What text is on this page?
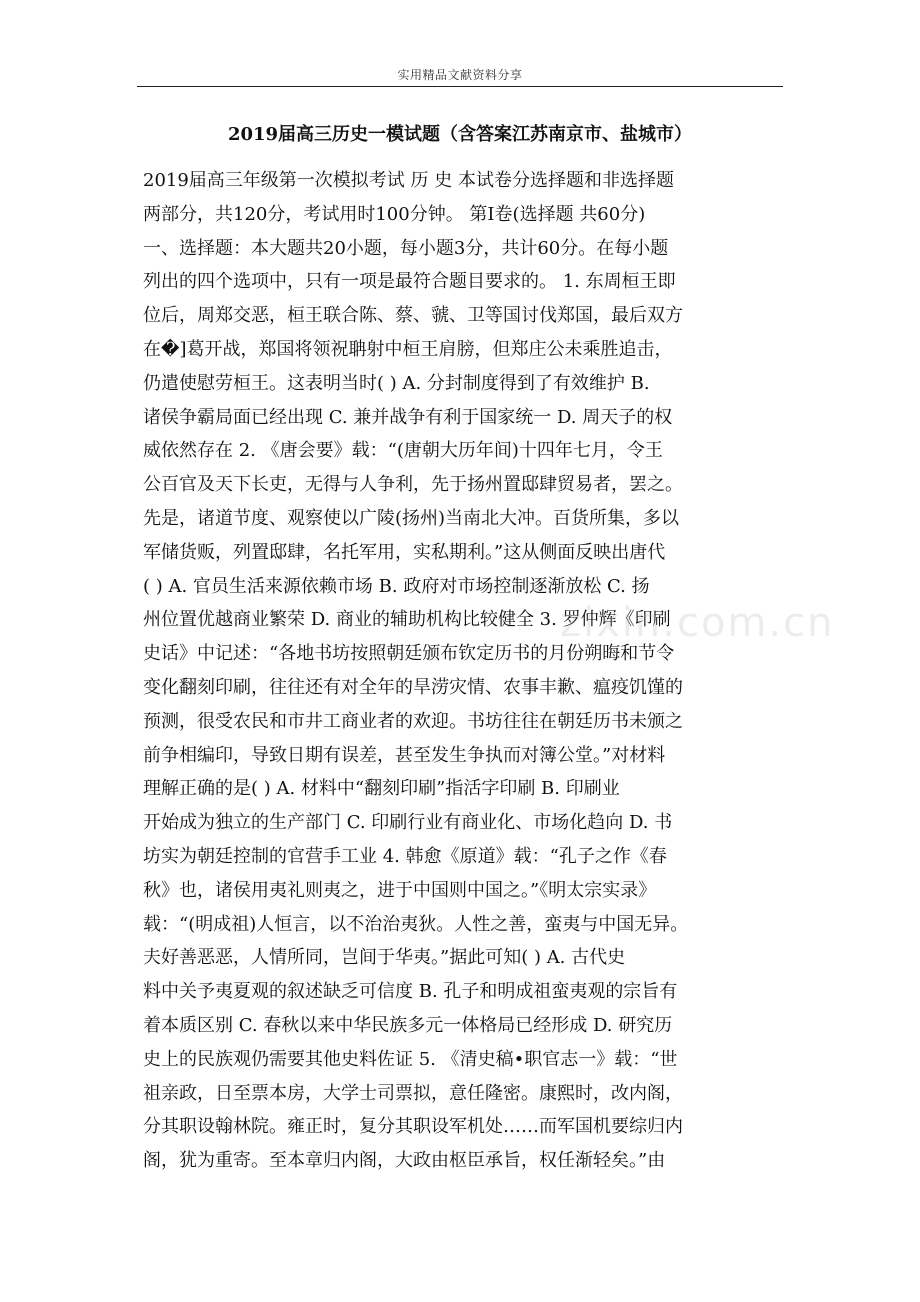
实用精品文献资料分享
2019届高三历史一模试题（含答案江苏南京市、盐城市）
2019届高三年级第一次模拟考试 历 史 本试卷分选择题和非选择题
两部分，共120分，考试用时100分钟。 第Ⅰ卷(选择题 共60分)
一、选择题：本大题共20小题，每小题3分，共计60分。在每小题
列出的四个选项中，只有一项是最符合题目要求的。 1. 东周桓王即
位后，周郑交恶，桓王联合陈、蔡、虢、卫等国讨伐郑国，最后双方
在�]葛开战，郑国将领祝聃射中桓王肩膀，但郑庄公未乘胜追击，
仍遣使慰劳桓王。这表明当时( ) A. 分封制度得到了有效维护 B.
诸侯争霸局面已经出现 C. 兼并战争有利于国家统一 D. 周天子的权
威依然存在 2. 《唐会要》载：“(唐朝大历年间)十四年七月，令王
公百官及天下长吏，无得与人争利，先于扬州置邸肆贸易者，罢之。
先是，诸道节度、观察使以广陵(扬州)当南北大冲。百货所集，多以
军储货贩，列置邸肆，名托军用，实私期利。”这从侧面反映出唐代
( ) A. 官员生活来源依赖市场 B. 政府对市场控制逐渐放松 C. 扬
州位置优越商业繁荣 D. 商业的辅助机构比较健全 3. 罗仲辉《印刷
史话》中记述：“各地书坊按照朝廷颁布钦定历书的月份朔晦和节令
变化翻刻印刷，往往还有对全年的旱涝灾情、农事丰歉、瘟疫饥馑的
预测，很受农民和市井工商业者的欢迎。书坊往往在朝廷历书未颁之
前争相编印，导致日期有误差，甚至发生争执而对簿公堂。”对材料
理解正确的是( ) A. 材料中“翻刻印刷”指活字印刷 B. 印刷业
开始成为独立的生产部门 C. 印刷行业有商业化、市场化趋向 D. 书
坊实为朝廷控制的官营手工业 4. 韩愈《原道》载：“孔子之作《春
秋》也，诸侯用夷礼则夷之，进于中国则中国之。”《明太宗实录》
载：“(明成祖)人恒言，以不治治夷狄。人性之善，蛮夷与中国无异。
夫好善恶恶，人情所同，岂间于华夷。”据此可知( ) A. 古代史
料中关予夷夏观的叙述缺乏可信度 B. 孔子和明成祖蛮夷观的宗旨有
着本质区别 C. 春秋以来中华民族多元一体格局已经形成 D. 研究历
史上的民族观仍需要其他史料佐证 5. 《清史稿•职官志一》载：“世
祖亲政，日至票本房，大学士司票拟，意任隆密。康熙时，改内阁，
分其职设翰林院。雍正时，复分其职设军机处……而军国机要综归内
阁，犹为重寄。至本章归内阁，大政由枢臣承旨，权任渐轻矣。”由
zixin.com.cn
